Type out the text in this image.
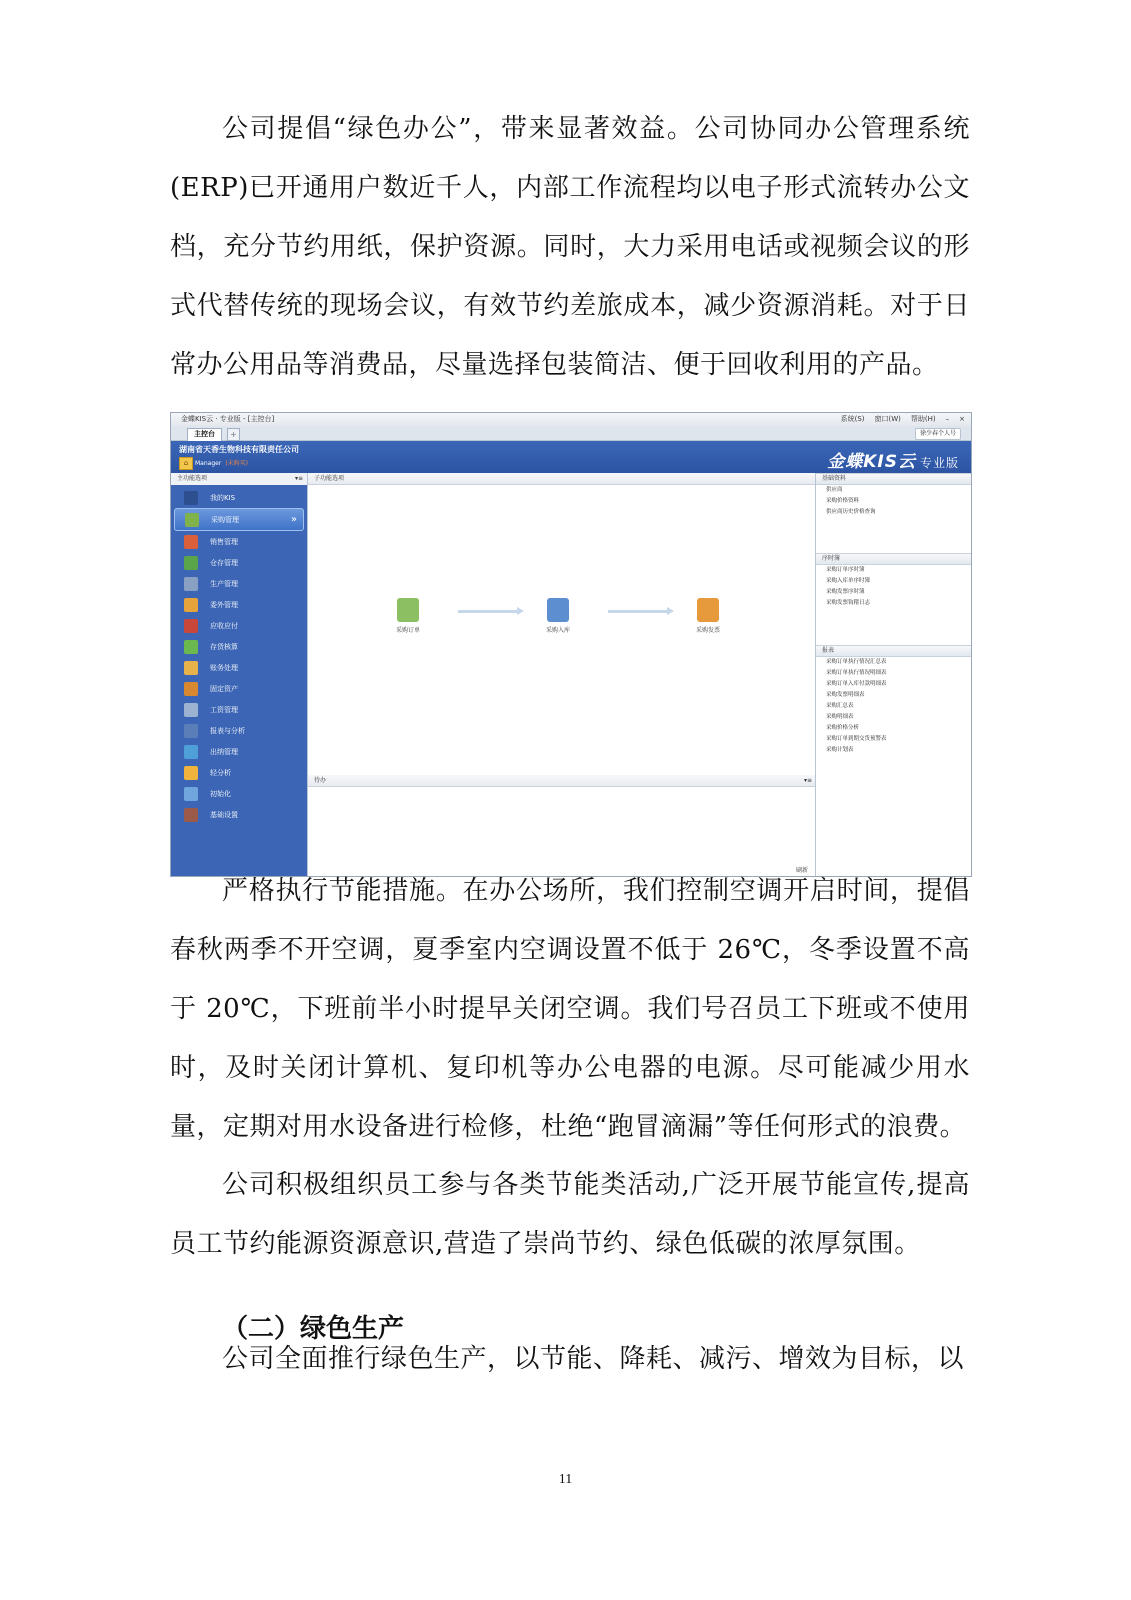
公司提倡“绿色办公”，带来显著效益。公司协同办公管理系统(ERP)已开通用户数近千人，内部工作流程均以电子形式流转办公文档，充分节约用纸，保护资源。同时，大力采用电话或视频会议的形式代替传统的现场会议，有效节约差旅成本，减少资源消耗。对于日常办公用品等消费品，尽量选择包装简洁、便于回收利用的产品。

金蝶KIS云 · 专业版 - [主控台]	系统(S) 窗口(W) 帮助(H) – ×
主控台	+	徐少春个人号
湖南省天香生物科技有限责任公司
⌂	Manager (未购买)	金蝶KIS云 专业版
主功能选项	▾≡
我的KIS
采购管理	»
销售管理
仓存管理
生产管理
委外管理
应收应付
存货核算
账务处理
固定资产
工资管理
报表与分析
出纳管理
轻分析
初始化
基础设置
子功能选项
采购订单	采购入库	采购发票
待办	▾≡
刷新
基础资料
供应商
采购价格资料
供应商历史价格查询
序时簿
采购订单序时簿
采购入库单序时簿
采购发票序时簿
采购发票钩稽日志
报表
采购订单执行情况汇总表
采购订单执行情况明细表
采购订单入库付款明细表
采购发票明细表
采购汇总表
采购明细表
采购价格分析
采购订单到期交货预警表
采购计划表

严格执行节能措施。在办公场所，我们控制空调开启时间，提倡春秋两季不开空调，夏季室内空调设置不低于 26℃，冬季设置不高于 20℃，下班前半小时提早关闭空调。我们号召员工下班或不使用时，及时关闭计算机、复印机等办公电器的电源。尽可能减少用水量，定期对用水设备进行检修，杜绝“跑冒滴漏”等任何形式的浪费。

公司积极组织员工参与各类节能类活动,广泛开展节能宣传,提高员工节约能源资源意识,营造了崇尚节约、绿色低碳的浓厚氛围。

（二）绿色生产

公司全面推行绿色生产，以节能、降耗、减污、增效为目标，以

11
